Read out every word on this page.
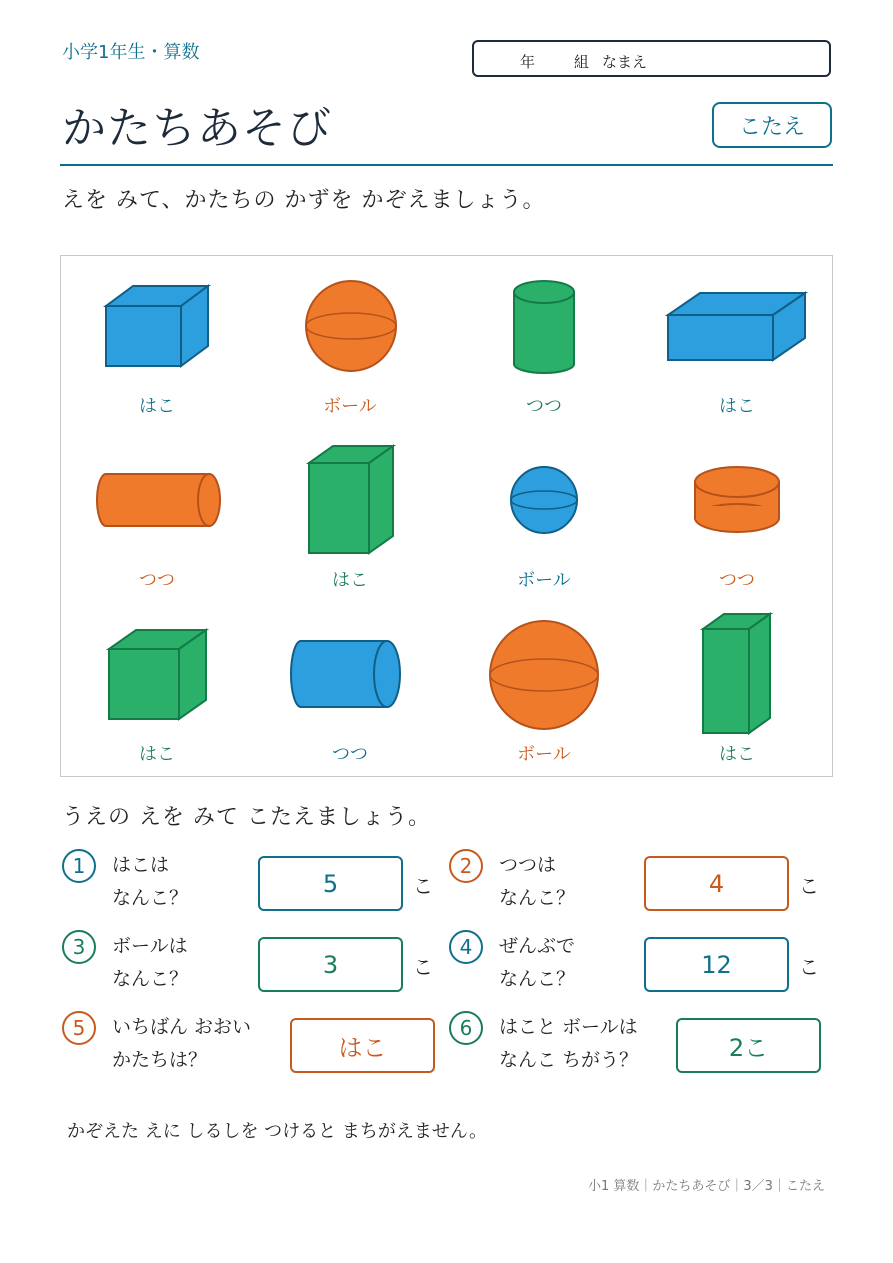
小学1年生・算数	年	組 なまえ
かたちあそび	こたえ
えを みて、かたちの かずを かぞえましょう。
はこ	ボール	つつ	はこ
つつ	はこ	ボール	つつ
はこ	つつ	ボール	はこ
うえの えを みて こたえましょう。
1	はこは
なんこ？
5	こ
2	つつは
なんこ？
4	こ
3	ボールは
なんこ？
3	こ
4	ぜんぶで
なんこ？
12	こ
5	いちばん おおい
かたちは？	はこ
6	はこと ボールは
なんこ ちがう？	2こ
かぞえた えに しるしを つけると まちがえません。
小1 算数｜かたちあそび｜3／3｜こたえ
